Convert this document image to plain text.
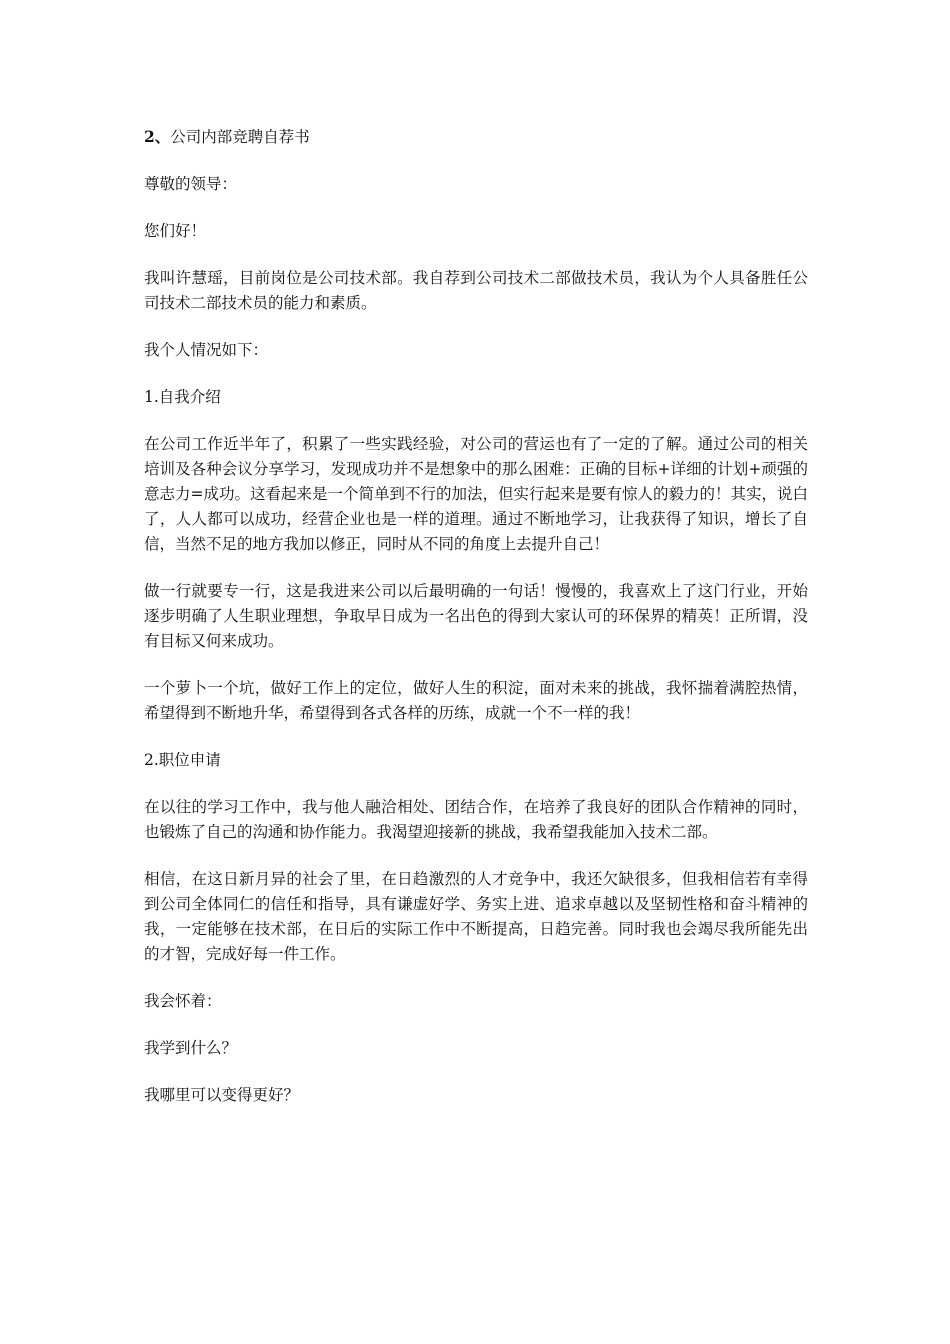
2、公司内部竞聘自荐书

尊敬的领导：

您们好！

我叫许慧瑶，目前岗位是公司技术部。我自荐到公司技术二部做技术员，我认为个人具备胜任公司技术二部技术员的能力和素质。

我个人情况如下：

1.自我介绍

在公司工作近半年了，积累了一些实践经验，对公司的营运也有了一定的了解。通过公司的相关培训及各种会议分享学习，发现成功并不是想象中的那么困难：正确的目标+详细的计划+顽强的意志力=成功。这看起来是一个简单到不行的加法，但实行起来是要有惊人的毅力的！其实，说白了，人人都可以成功，经营企业也是一样的道理。通过不断地学习，让我获得了知识，增长了自信，当然不足的地方我加以修正，同时从不同的角度上去提升自己！

做一行就要专一行，这是我进来公司以后最明确的一句话！慢慢的，我喜欢上了这门行业，开始逐步明确了人生职业理想，争取早日成为一名出色的得到大家认可的环保界的精英！正所谓，没有目标又何来成功。

一个萝卜一个坑，做好工作上的定位，做好人生的积淀，面对未来的挑战，我怀揣着满腔热情，希望得到不断地升华，希望得到各式各样的历练，成就一个不一样的我！

2.职位申请

在以往的学习工作中，我与他人融洽相处、团结合作，在培养了我良好的团队合作精神的同时，也锻炼了自己的沟通和协作能力。我渴望迎接新的挑战，我希望我能加入技术二部。

相信，在这日新月异的社会了里，在日趋激烈的人才竞争中，我还欠缺很多，但我相信若有幸得到公司全体同仁的信任和指导，具有谦虚好学、务实上进、追求卓越以及坚韧性格和奋斗精神的我，一定能够在技术部，在日后的实际工作中不断提高，日趋完善。同时我也会竭尽我所能先出的才智，完成好每一件工作。

我会怀着：

我学到什么？

我哪里可以变得更好？
